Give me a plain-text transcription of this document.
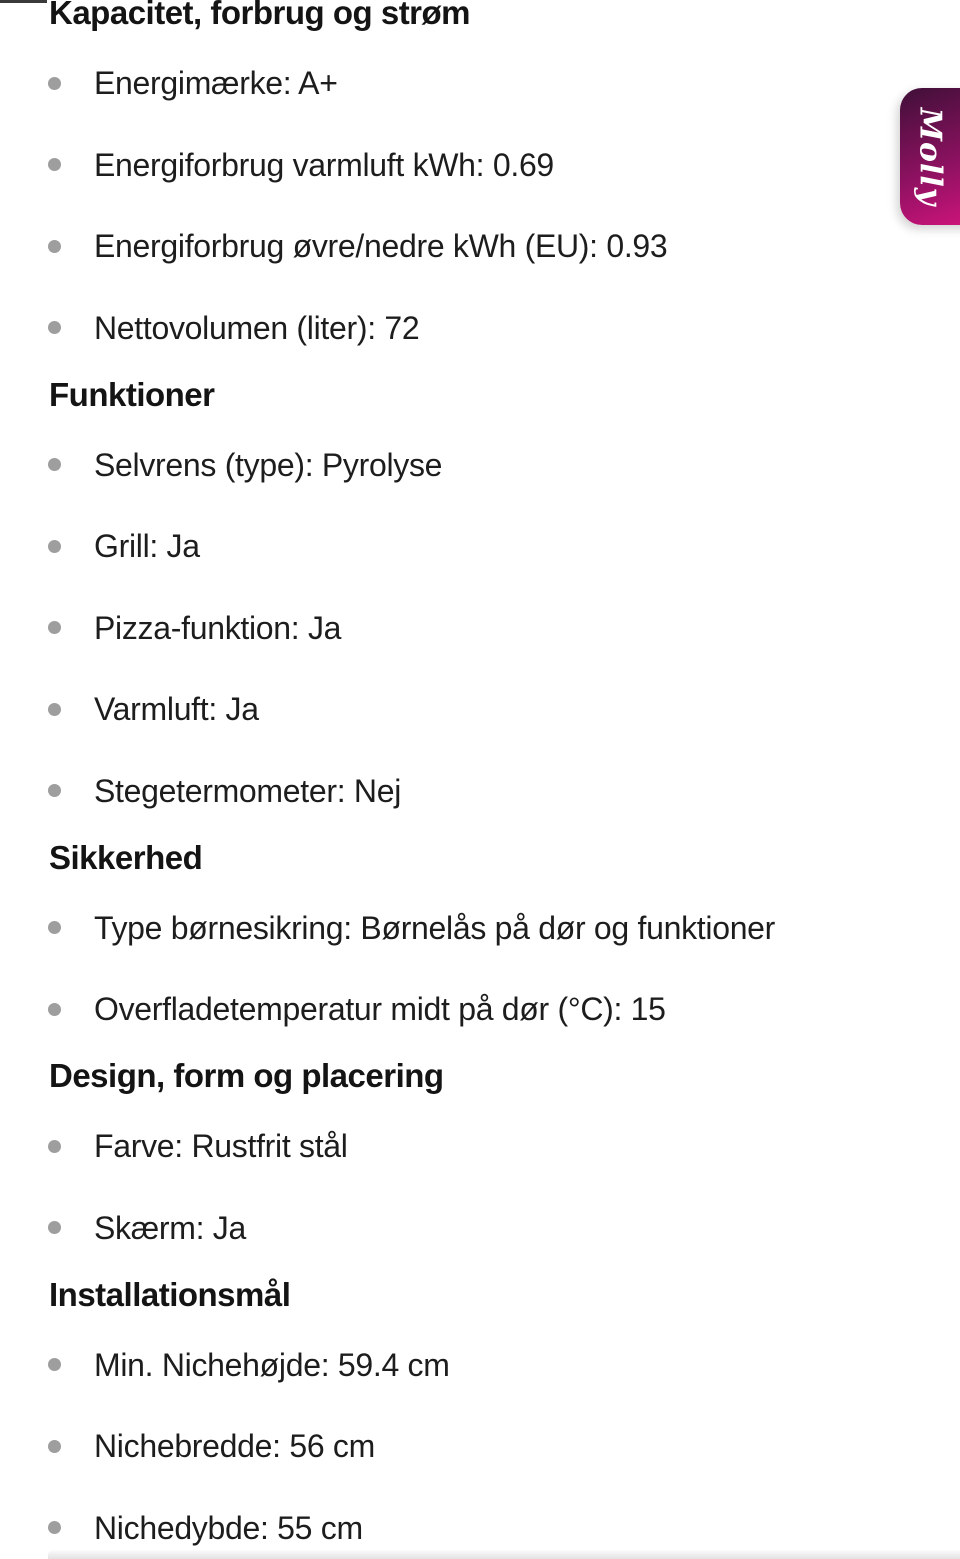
Kapacitet, forbrug og strøm
Energimærke: A+
Energiforbrug varmluft kWh: 0.69
Energiforbrug øvre/nedre kWh (EU): 0.93
Nettovolumen (liter): 72
Funktioner
Selvrens (type): Pyrolyse
Grill: Ja
Pizza-funktion: Ja
Varmluft: Ja
Stegetermometer: Nej
Sikkerhed
Type børnesikring: Børnelås på dør og funktioner
Overfladetemperatur midt på dør (°C): 15
Design, form og placering
Farve: Rustfrit stål
Skærm: Ja
Installationsmål
Min. Nichehøjde: 59.4 cm
Nichebredde: 56 cm
Nichedybde: 55 cm
Molly
